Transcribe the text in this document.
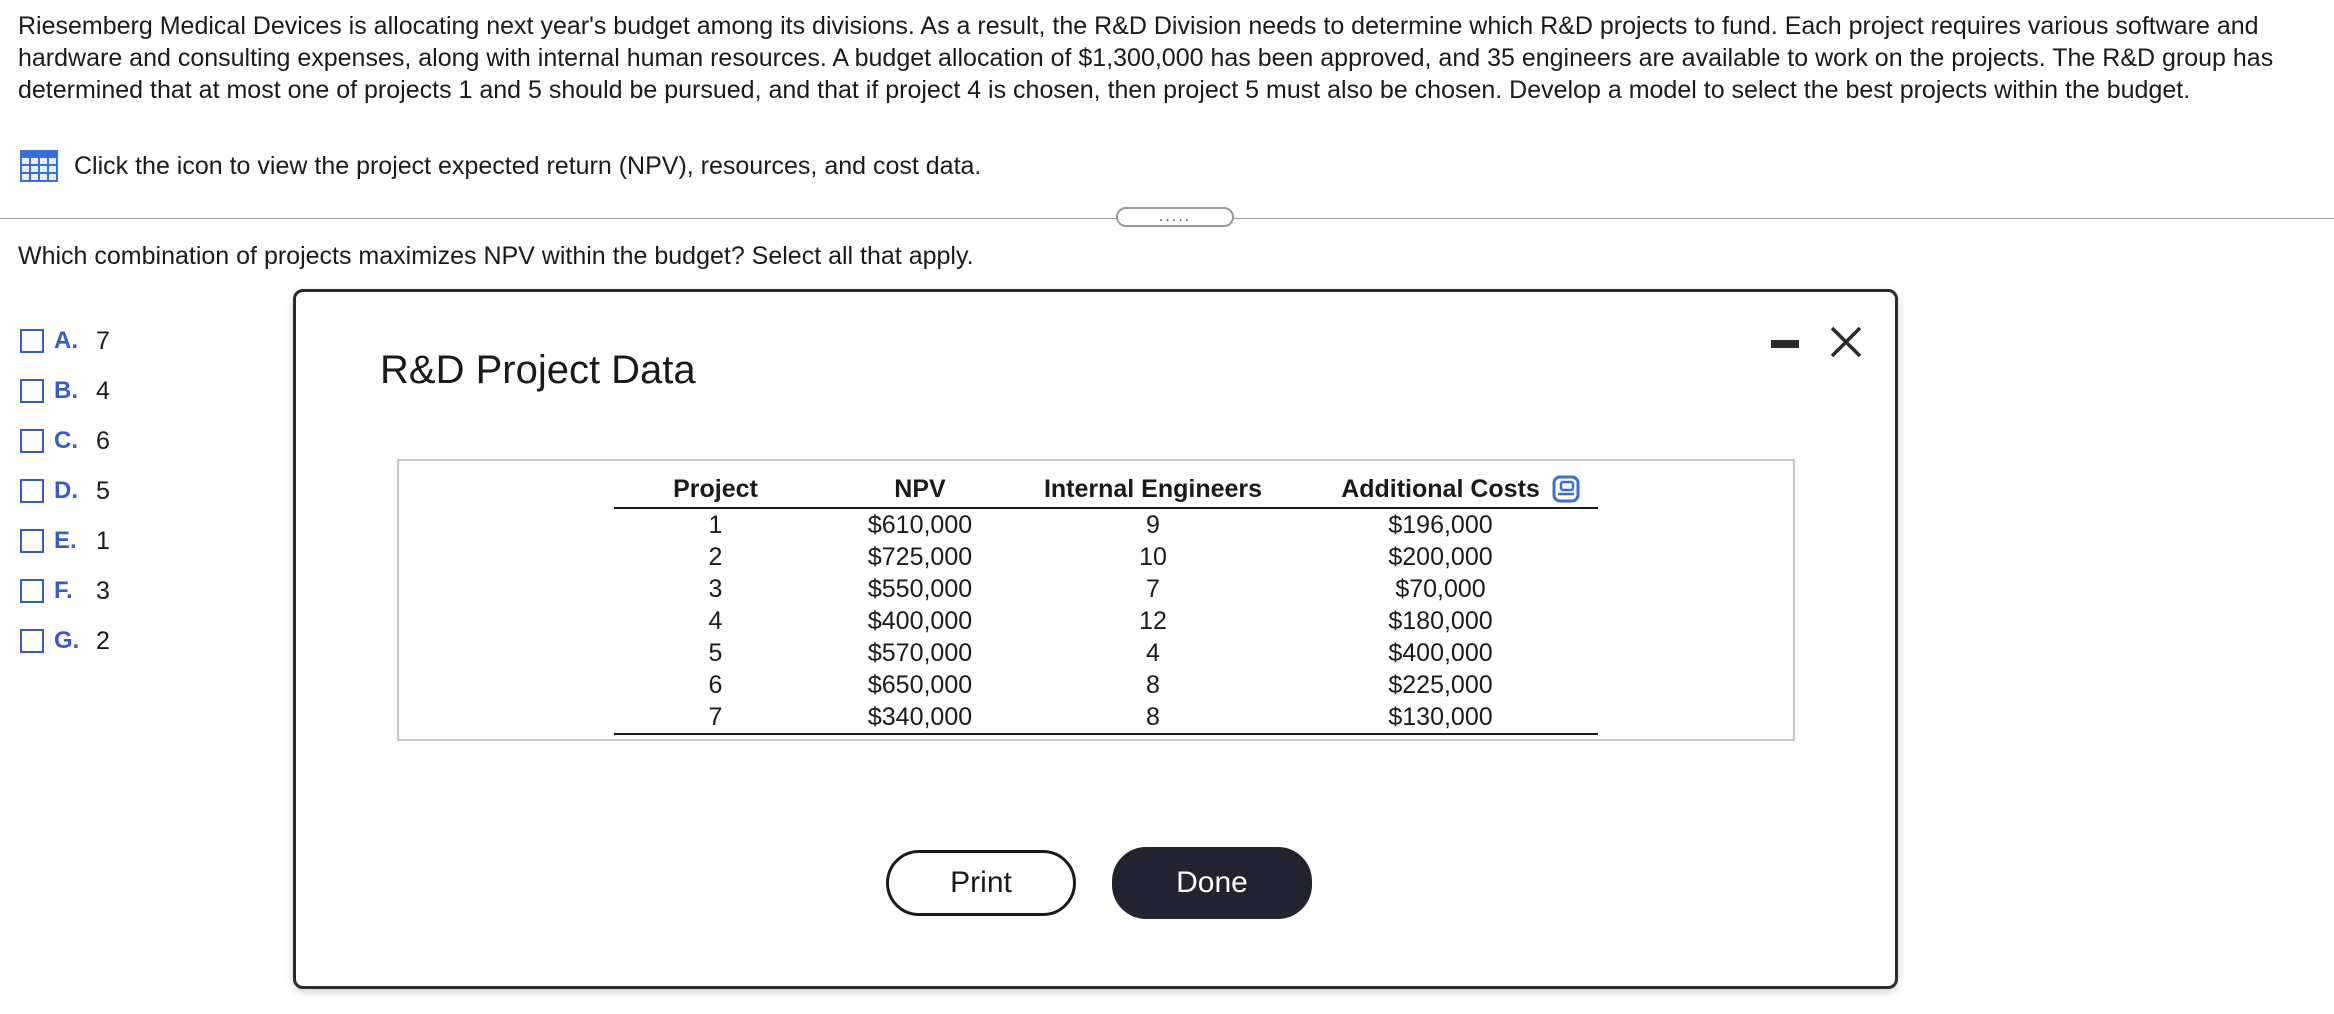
Riesemberg Medical Devices is allocating next year's budget among its divisions. As a result, the R&D Division needs to determine which R&D projects to fund. Each project requires various software and hardware and consulting expenses, along with internal human resources. A budget allocation of $1,300,000 has been approved, and 35 engineers are available to work on the projects. The R&D group has determined that at most one of projects 1 and 5 should be pursued, and that if project 4 is chosen, then project 5 must also be chosen. Develop a model to select the best projects within the budget.

Click the icon to view the project expected return (NPV), resources, and cost data.
.....
Which combination of projects maximizes NPV within the budget? Select all that apply.
A. 7
B. 4
C. 6
D. 5
E. 1
F. 3
G. 2
R&D Project Data
Project	NPV	Internal Engineers	Additional Costs
1	$610,000	9	$196,000
2	$725,000	10	$200,000
3	$550,000	7	$70,000
4	$400,000	12	$180,000
5	$570,000	4	$400,000
6	$650,000	8	$225,000
7	$340,000	8	$130,000
Print	Done
